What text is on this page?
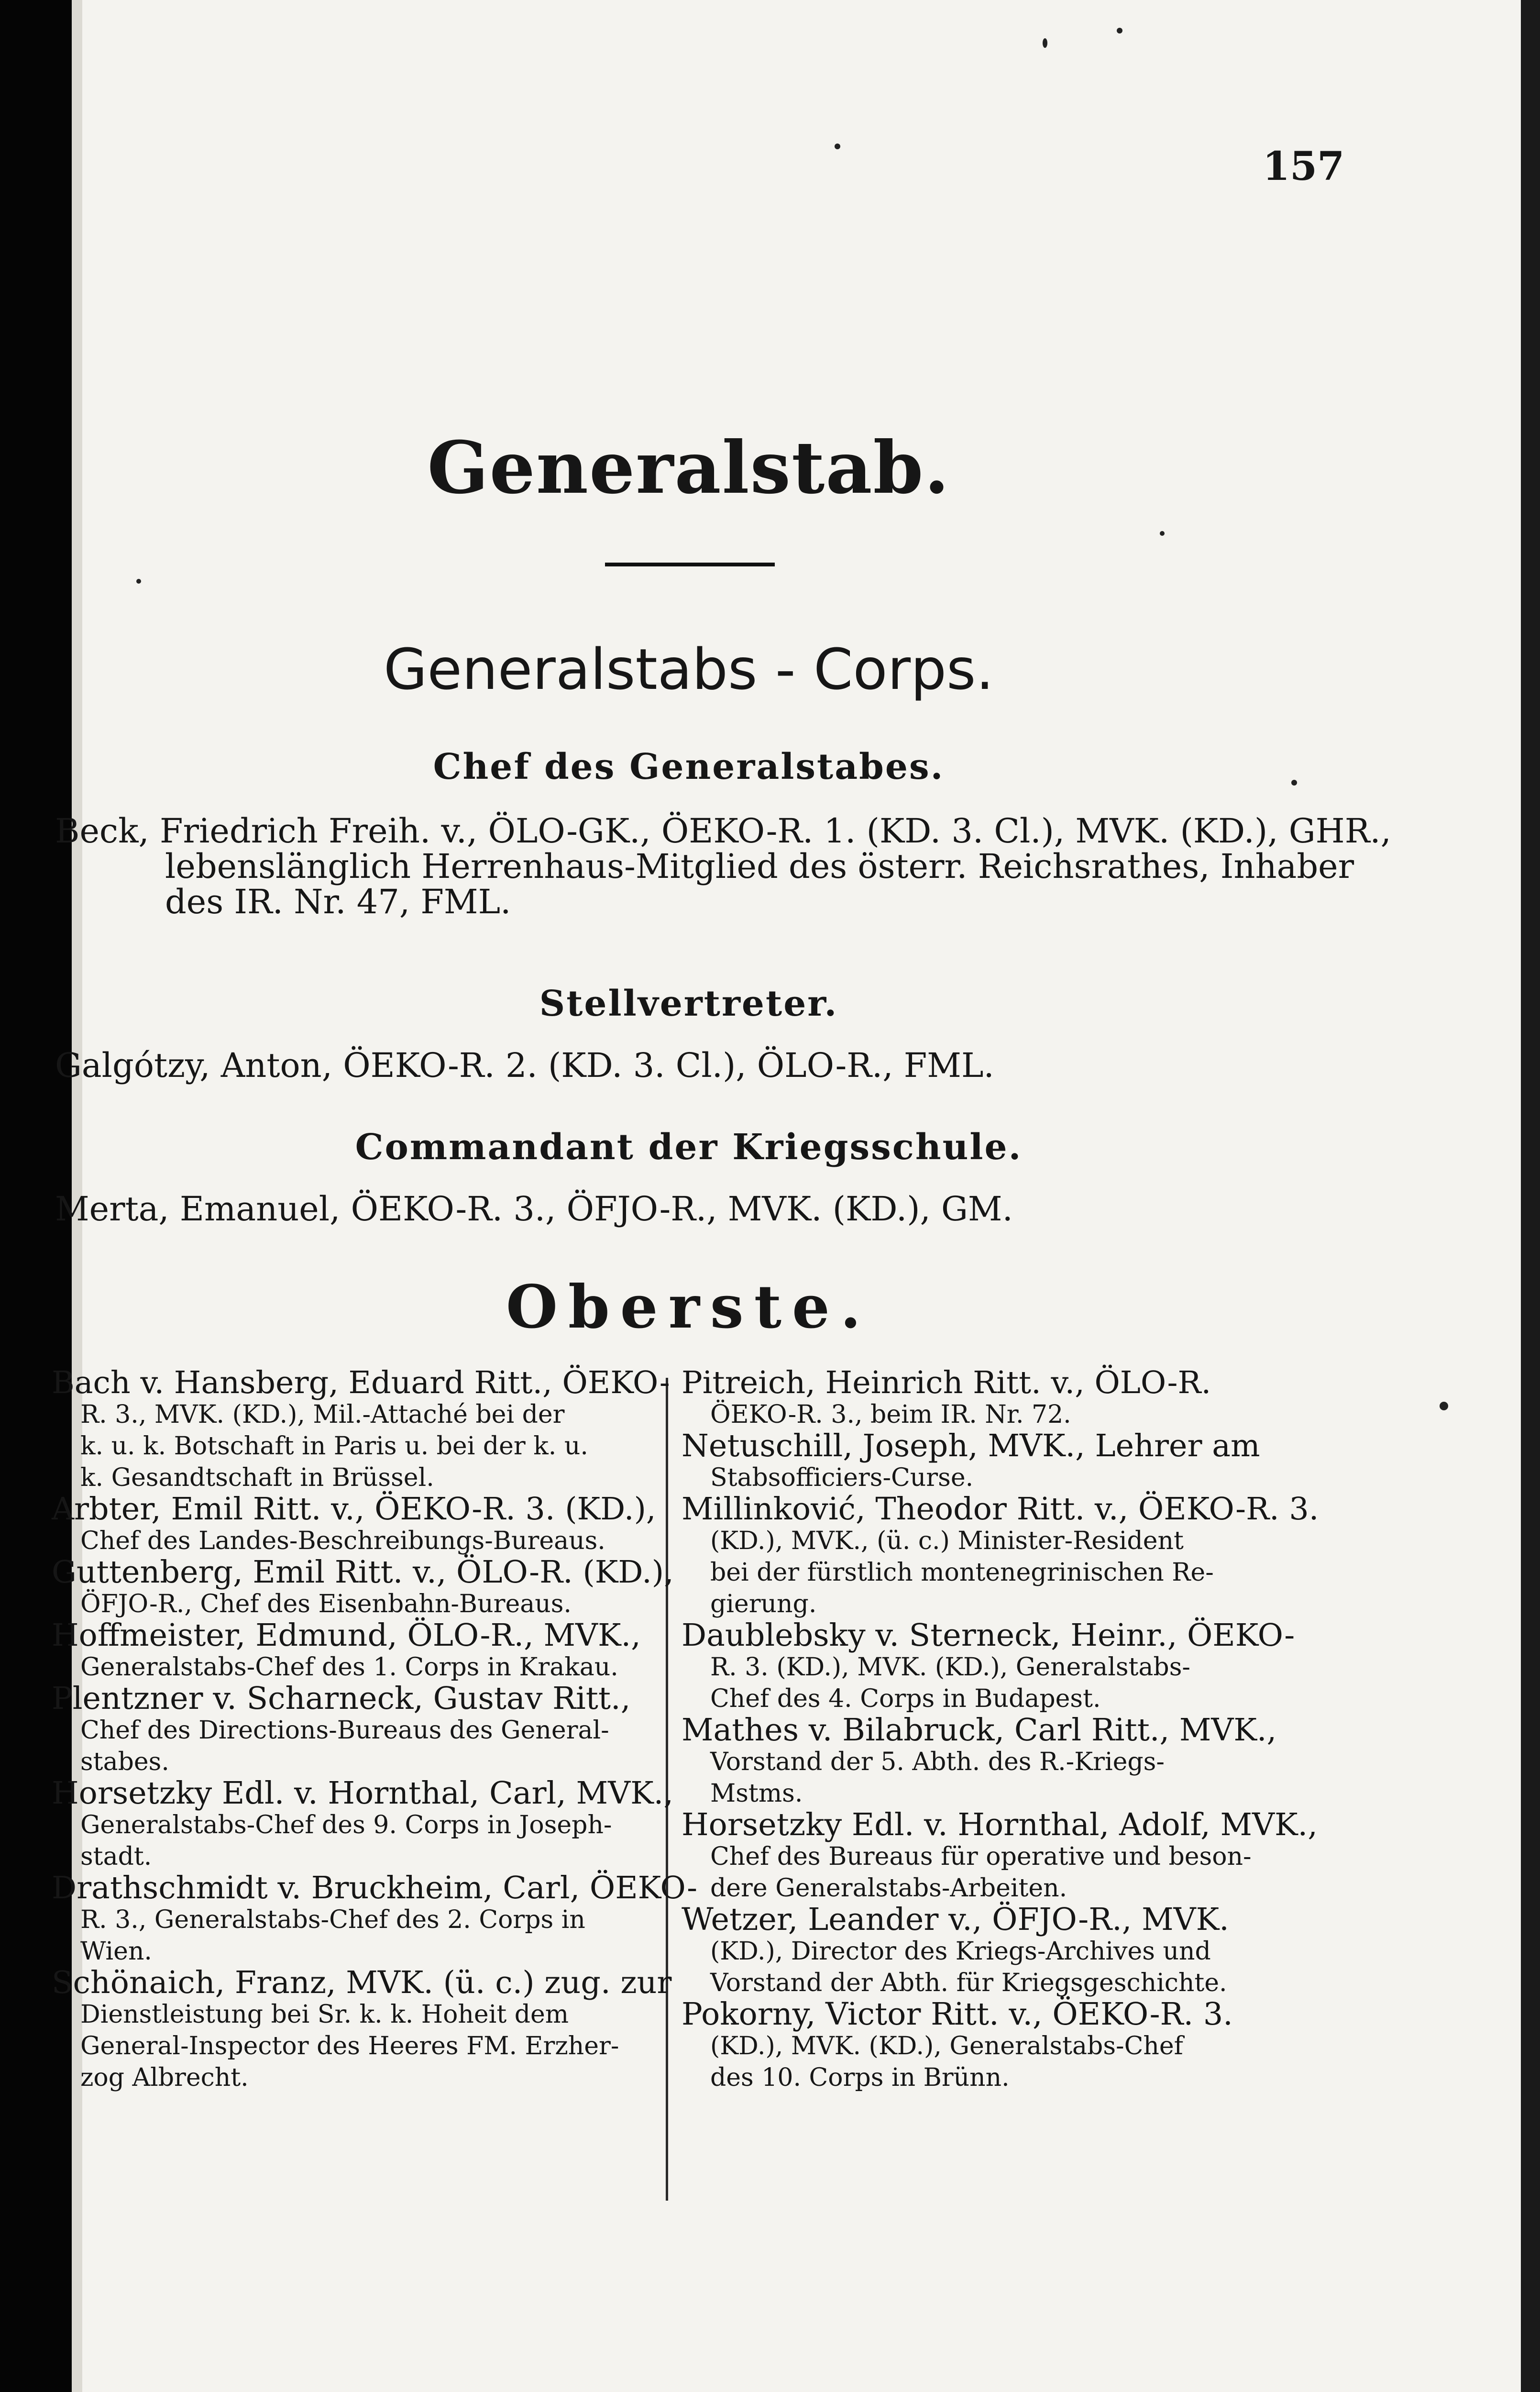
157
Generalstab.
Generalstabs - Corps.
Chef des Generalstabes.
Beck, Friedrich Freih. v., ÖLO-GK., ÖEKO-R. 1. (KD. 3. Cl.), MVK. (KD.), GHR.,
lebenslänglich Herrenhaus-Mitglied des österr. Reichsrathes, Inhaber
des IR. Nr. 47, FML.
Stellvertreter.
Galgótzy, Anton, ÖEKO-R. 2. (KD. 3. Cl.), ÖLO-R., FML.
Commandant der Kriegsschule.
Merta, Emanuel, ÖEKO-R. 3., ÖFJO-R., MVK. (KD.), GM.
Oberste.
Bach v. Hansberg, Eduard Ritt., ÖEKO-
R. 3., MVK. (KD.), Mil.-Attaché bei der
k. u. k. Botschaft in Paris u. bei der k. u.
k. Gesandtschaft in Brüssel.
Arbter, Emil Ritt. v., ÖEKO-R. 3. (KD.),
Chef des Landes-Beschreibungs-Bureaus.
Guttenberg, Emil Ritt. v., ÖLO-R. (KD.),
ÖFJO-R., Chef des Eisenbahn-Bureaus.
Hoffmeister, Edmund, ÖLO-R., MVK.,
Generalstabs-Chef des 1. Corps in Krakau.
Plentzner v. Scharneck, Gustav Ritt.,
Chef des Directions-Bureaus des General-
stabes.
Horsetzky Edl. v. Hornthal, Carl, MVK.,
Generalstabs-Chef des 9. Corps in Joseph-
stadt.
Drathschmidt v. Bruckheim, Carl, ÖEKO-
R. 3., Generalstabs-Chef des 2. Corps in
Wien.
Schönaich, Franz, MVK. (ü. c.) zug. zur
Dienstleistung bei Sr. k. k. Hoheit dem
General-Inspector des Heeres FM. Erzher-
zog Albrecht.
Pitreich, Heinrich Ritt. v., ÖLO-R.
ÖEKO-R. 3., beim IR. Nr. 72.
Netuschill, Joseph, MVK., Lehrer am
Stabsofficiers-Curse.
Millinković, Theodor Ritt. v., ÖEKO-R. 3.
(KD.), MVK., (ü. c.) Minister-Resident
bei der fürstlich montenegrinischen Re-
gierung.
Daublebsky v. Sterneck, Heinr., ÖEKO-
R. 3. (KD.), MVK. (KD.), Generalstabs-
Chef des 4. Corps in Budapest.
Mathes v. Bilabruck, Carl Ritt., MVK.,
Vorstand der 5. Abth. des R.-Kriegs-
Mstms.
Horsetzky Edl. v. Hornthal, Adolf, MVK.,
Chef des Bureaus für operative und beson-
dere Generalstabs-Arbeiten.
Wetzer, Leander v., ÖFJO-R., MVK.
(KD.), Director des Kriegs-Archives und
Vorstand der Abth. für Kriegsgeschichte.
Pokorny, Victor Ritt. v., ÖEKO-R. 3.
(KD.), MVK. (KD.), Generalstabs-Chef
des 10. Corps in Brünn.
